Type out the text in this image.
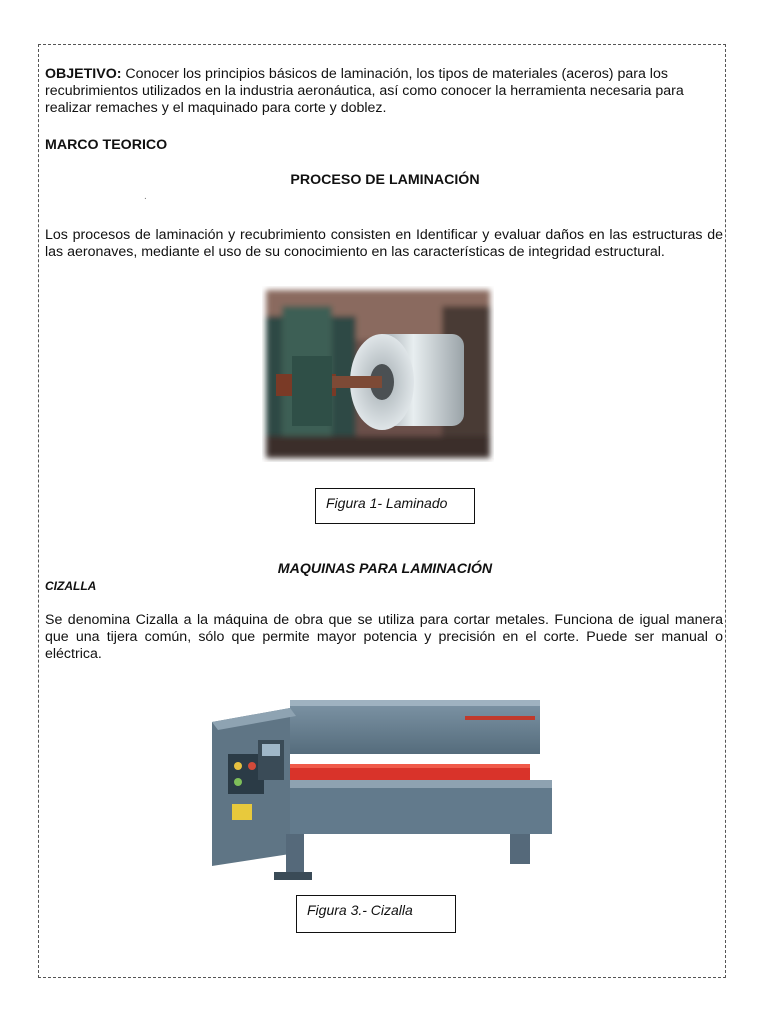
OBJETIVO: Conocer los principios básicos de laminación, los tipos de materiales (aceros) para los recubrimientos utilizados en la industria aeronáutica, así como conocer la herramienta necesaria para realizar remaches y el maquinado para corte y doblez.
MARCO TEORICO
PROCESO DE LAMINACIÓN
.
Los procesos de laminación y recubrimiento consisten en Identificar y evaluar daños en las estructuras de las aeronaves, mediante el uso de su conocimiento en las características de integridad estructural.
Figura 1- Laminado
MAQUINAS PARA LAMINACIÓN
CIZALLA
Se denomina Cizalla a la máquina de obra que se utiliza para cortar metales. Funciona de igual manera que una tijera común, sólo que permite mayor potencia y precisión en el corte. Puede ser manual o eléctrica.
Figura 3.- Cizalla
